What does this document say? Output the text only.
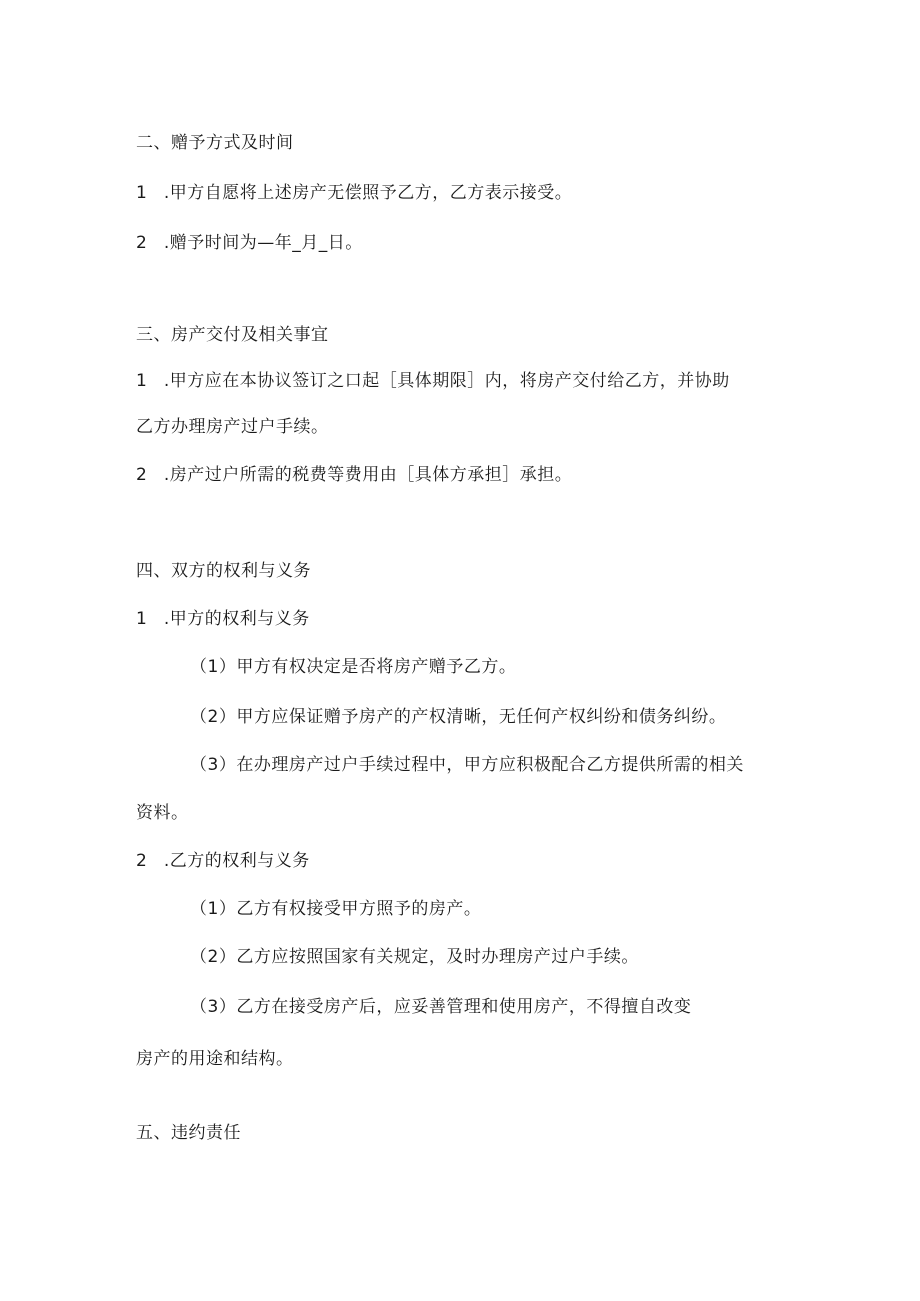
二、赠予方式及时间
1 .甲方自愿将上述房产无偿照予乙方，乙方表示接受。
2 .赠予时间为—年_月_日。
三、房产交付及相关事宜
1 .甲方应在本协议签订之口起［具体期限］内，将房产交付给乙方，并协助
乙方办理房产过户手续。
2 .房产过户所需的税费等费用由［具体方承担］承担。
四、双方的权利与义务
1 .甲方的权利与义务
（1）甲方有权决定是否将房产赠予乙方。
（2）甲方应保证赠予房产的产权清晰，无任何产权纠纷和债务纠纷。
（3）在办理房产过户手续过程中，甲方应积极配合乙方提供所需的相关
资料。
2 .乙方的权利与义务
（1）乙方有权接受甲方照予的房产。
（2）乙方应按照国家有关规定，及时办理房产过户手续。
（3）乙方在接受房产后，应妥善管理和使用房产，不得擅自改变
房产的用途和结构。
五、违约责任
